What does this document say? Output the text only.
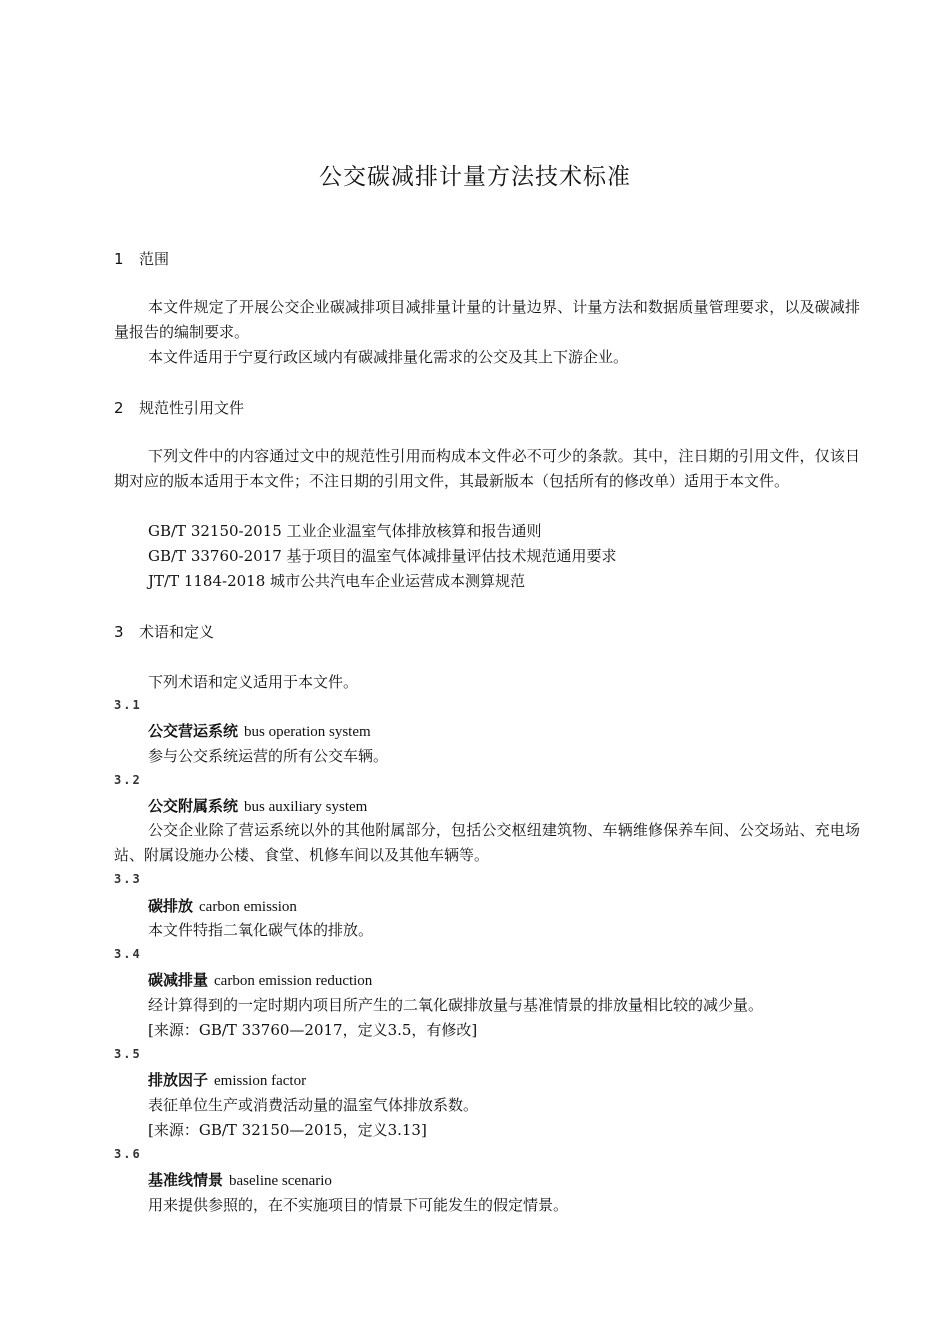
公交碳减排计量方法技术标准
1 范围

本文件规定了开展公交企业碳减排项目减排量计量的计量边界、计量方法和数据质量管理要求，以及碳减排量报告的编制要求。

本文件适用于宁夏行政区域内有碳减排量化需求的公交及其上下游企业。

2 规范性引用文件

下列文件中的内容通过文中的规范性引用而构成本文件必不可少的条款。其中，注日期的引用文件，仅该日期对应的版本适用于本文件；不注日期的引用文件，其最新版本（包括所有的修改单）适用于本文件。

GB/T 32150-2015 工业企业温室气体排放核算和报告通则

GB/T 33760-2017 基于项目的温室气体减排量评估技术规范通用要求

JT/T 1184-2018 城市公共汽电车企业运营成本测算规范

3 术语和定义

下列术语和定义适用于本文件。

3.1

公交营运系统 bus operation system

参与公交系统运营的所有公交车辆。

3.2

公交附属系统 bus auxiliary system

公交企业除了营运系统以外的其他附属部分，包括公交枢纽建筑物、车辆维修保养车间、公交场站、充电场站、附属设施办公楼、食堂、机修车间以及其他车辆等。

3.3

碳排放 carbon emission

本文件特指二氧化碳气体的排放。

3.4

碳减排量 carbon emission reduction

经计算得到的一定时期内项目所产生的二氧化碳排放量与基准情景的排放量相比较的减少量。

[来源：GB/T 33760—2017，定义3.5，有修改]

3.5

排放因子 emission factor

表征单位生产或消费活动量的温室气体排放系数。

[来源：GB/T 32150—2015，定义3.13]

3.6

基准线情景 baseline scenario

用来提供参照的，在不实施项目的情景下可能发生的假定情景。
